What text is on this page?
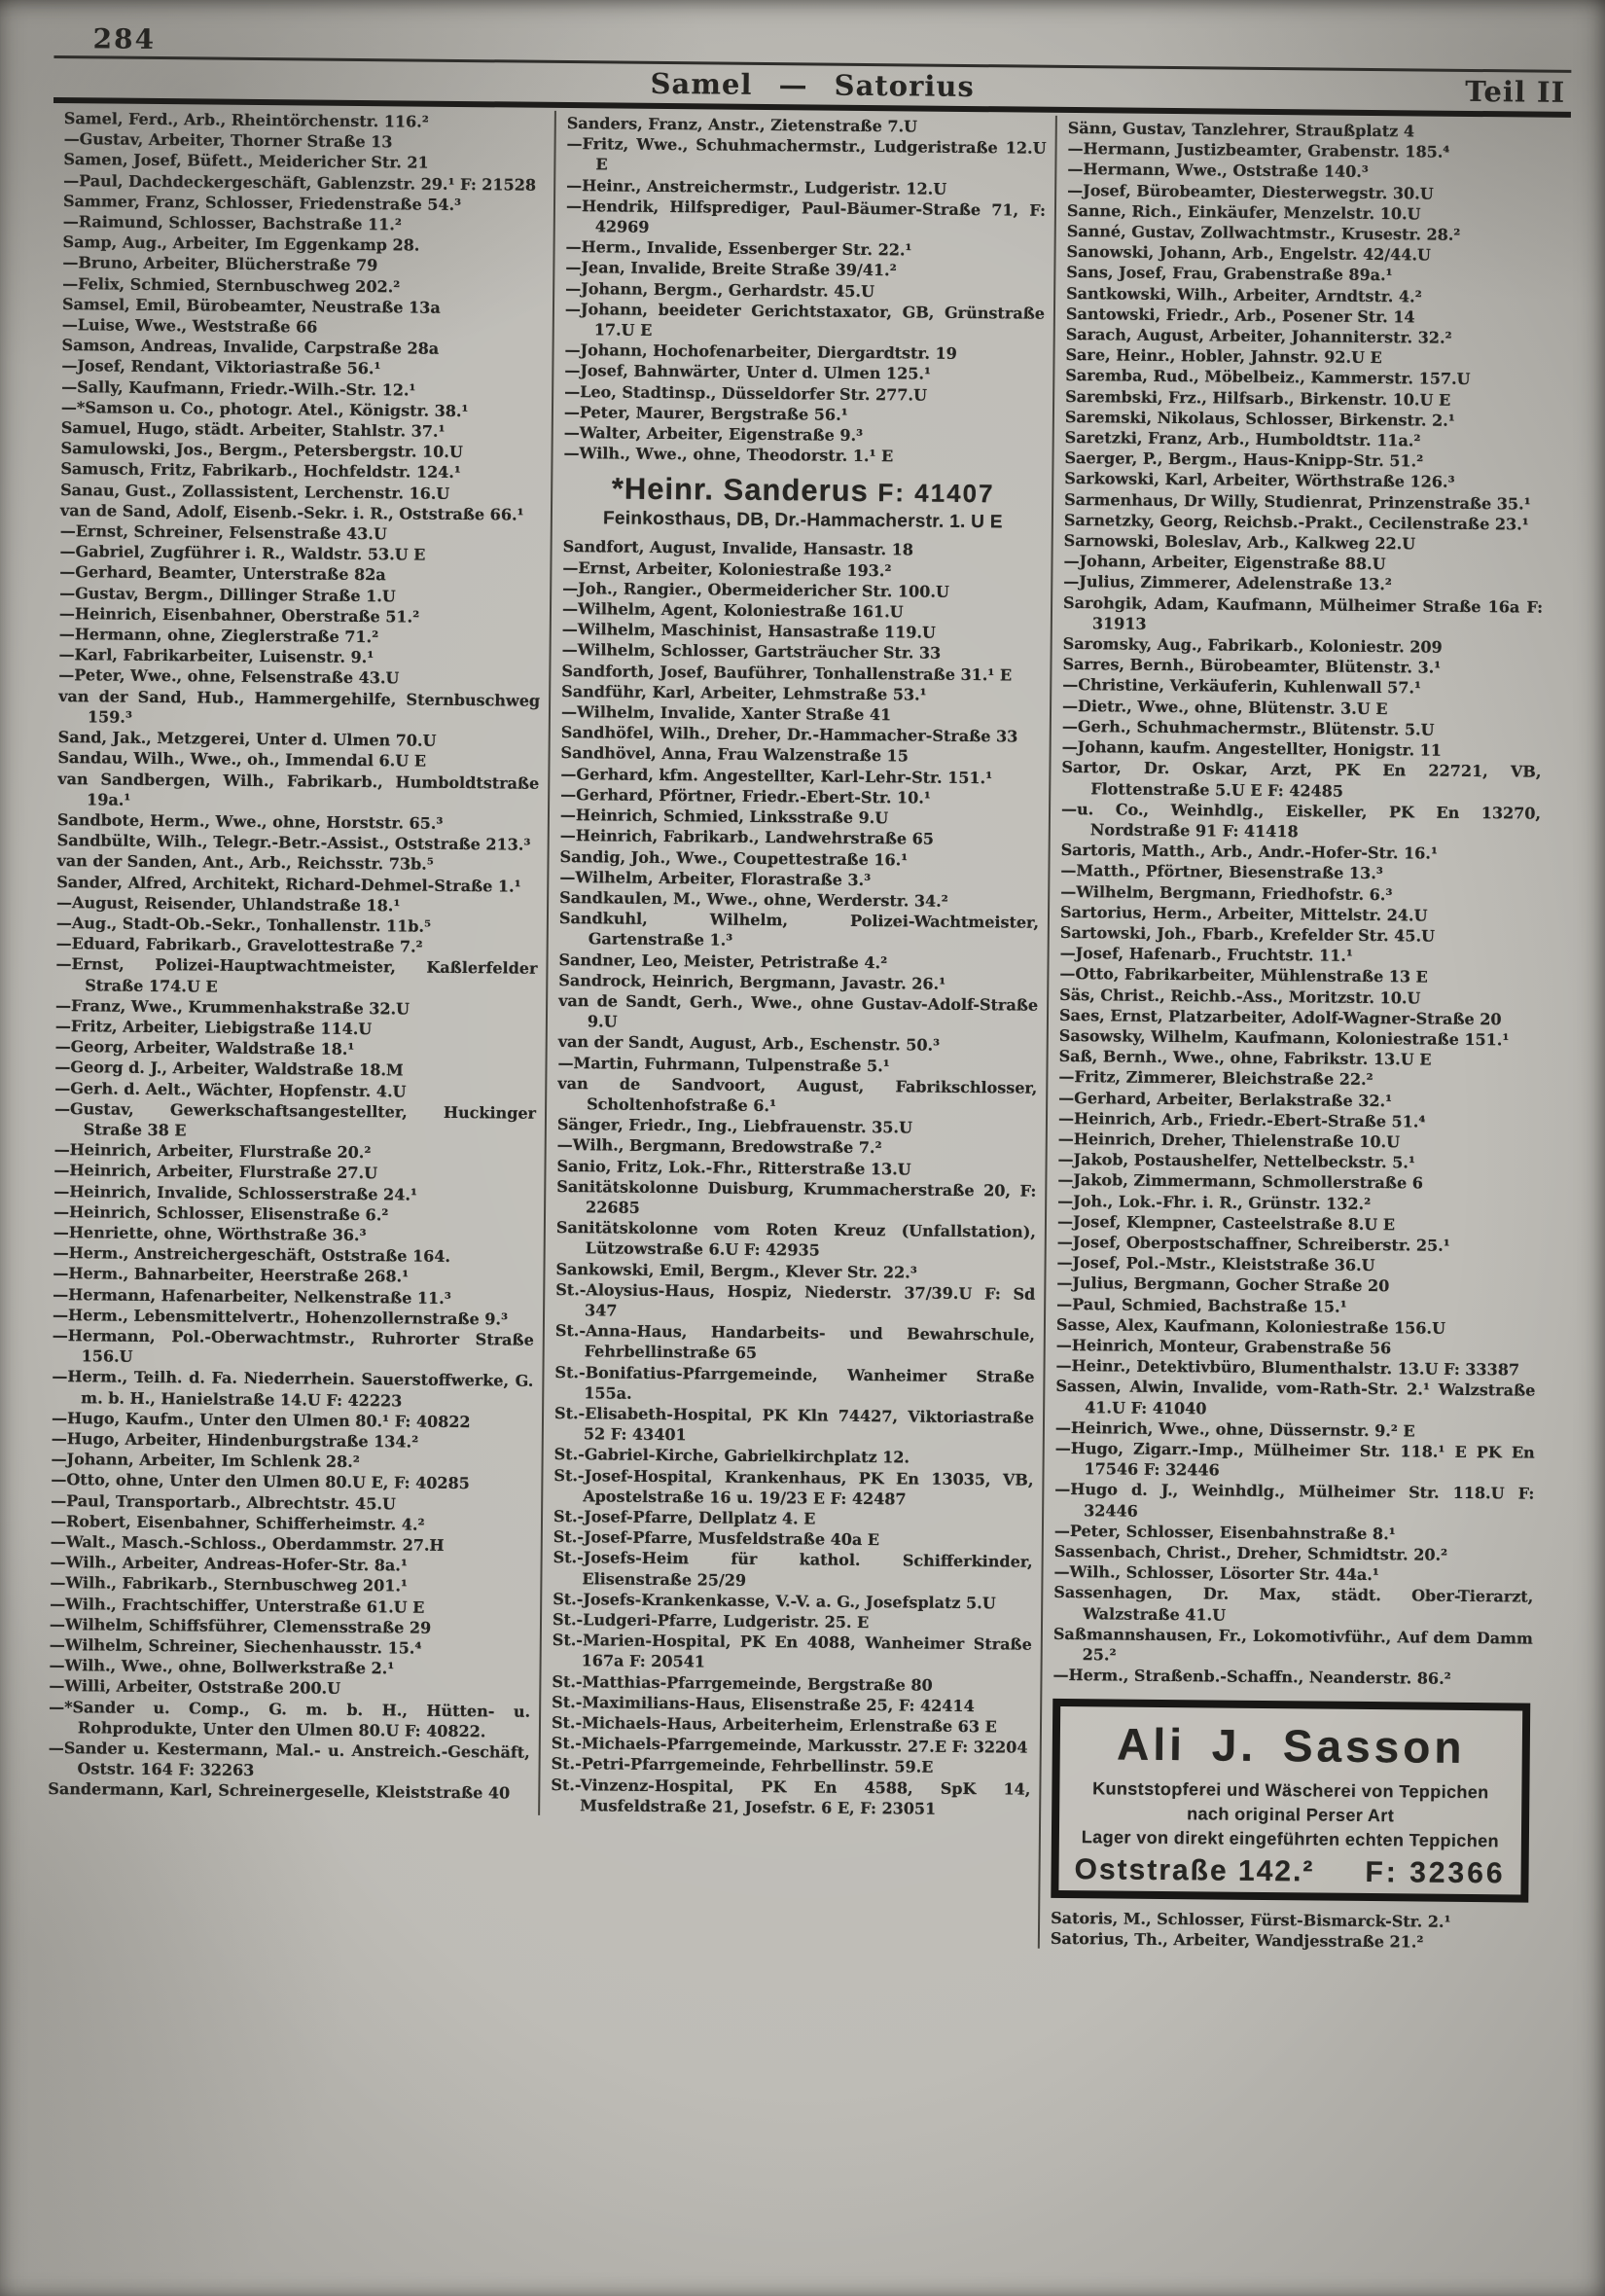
284
Samel — Satorius	Teil II
Samel, Ferd., Arb., Rheintörchenstr. 116.²
—Gustav, Arbeiter, Thorner Straße 13
Samen, Josef, Büfett., Meidericher Str. 21
—Paul, Dachdeckergeschäft, Gablenzstr. 29.¹ F: 21528
Sammer, Franz, Schlosser, Friedenstraße 54.³
—Raimund, Schlosser, Bachstraße 11.²
Samp, Aug., Arbeiter, Im Eggenkamp 28.
—Bruno, Arbeiter, Blücherstraße 79
—Felix, Schmied, Sternbuschweg 202.²
Samsel, Emil, Bürobeamter, Neustraße 13a
—Luise, Wwe., Weststraße 66
Samson, Andreas, Invalide, Carpstraße 28a
—Josef, Rendant, Viktoriastraße 56.¹
—Sally, Kaufmann, Friedr.-Wilh.-Str. 12.¹
—*Samson u. Co., photogr. Atel., Königstr. 38.¹
Samuel, Hugo, städt. Arbeiter, Stahlstr. 37.¹
Samulowski, Jos., Bergm., Petersbergstr. 10.U
Samusch, Fritz, Fabrikarb., Hochfeldstr. 124.¹
Sanau, Gust., Zollassistent, Lerchenstr. 16.U
van de Sand, Adolf, Eisenb.-Sekr. i. R., Oststraße 66.¹
—Ernst, Schreiner, Felsenstraße 43.U
—Gabriel, Zugführer i. R., Waldstr. 53.U E
—Gerhard, Beamter, Unterstraße 82a
—Gustav, Bergm., Dillinger Straße 1.U
—Heinrich, Eisenbahner, Oberstraße 51.²
—Hermann, ohne, Zieglerstraße 71.²
—Karl, Fabrikarbeiter, Luisenstr. 9.¹
—Peter, Wwe., ohne, Felsenstraße 43.U
van der Sand, Hub., Hammergehilfe, Sternbuschweg 159.³
Sand, Jak., Metzgerei, Unter d. Ulmen 70.U
Sandau, Wilh., Wwe., oh., Immendal 6.U E
van Sandbergen, Wilh., Fabrikarb., Humboldtstraße 19a.¹
Sandbote, Herm., Wwe., ohne, Horststr. 65.³
Sandbülte, Wilh., Telegr.-Betr.-Assist., Oststraße 213.³
van der Sanden, Ant., Arb., Reichsstr. 73b.⁵
Sander, Alfred, Architekt, Richard-Dehmel-Straße 1.¹
—August, Reisender, Uhlandstraße 18.¹
—Aug., Stadt-Ob.-Sekr., Tonhallenstr. 11b.⁵
—Eduard, Fabrikarb., Gravelottestraße 7.²
—Ernst, Polizei-Hauptwachtmeister, Kaßlerfelder Straße 174.U E
—Franz, Wwe., Krummenhakstraße 32.U
—Fritz, Arbeiter, Liebigstraße 114.U
—Georg, Arbeiter, Waldstraße 18.¹
—Georg d. J., Arbeiter, Waldstraße 18.M
—Gerh. d. Aelt., Wächter, Hopfenstr. 4.U
—Gustav, Gewerkschaftsangestellter, Huckinger Straße 38 E
—Heinrich, Arbeiter, Flurstraße 20.²
—Heinrich, Arbeiter, Flurstraße 27.U
—Heinrich, Invalide, Schlosserstraße 24.¹
—Heinrich, Schlosser, Elisenstraße 6.²
—Henriette, ohne, Wörthstraße 36.³
—Herm., Anstreichergeschäft, Oststraße 164.
—Herm., Bahnarbeiter, Heerstraße 268.¹
—Hermann, Hafenarbeiter, Nelkenstraße 11.³
—Herm., Lebensmittelvertr., Hohenzollernstraße 9.³
—Hermann, Pol.-Oberwachtmstr., Ruhrorter Straße 156.U
—Herm., Teilh. d. Fa. Niederrhein. Sauerstoffwerke, G. m. b. H., Hanielstraße 14.U F: 42223
—Hugo, Kaufm., Unter den Ulmen 80.¹ F: 40822
—Hugo, Arbeiter, Hindenburgstraße 134.²
—Johann, Arbeiter, Im Schlenk 28.²
—Otto, ohne, Unter den Ulmen 80.U E, F: 40285
—Paul, Transportarb., Albrechtstr. 45.U
—Robert, Eisenbahner, Schifferheimstr. 4.²
—Walt., Masch.-Schloss., Oberdammstr. 27.H
—Wilh., Arbeiter, Andreas-Hofer-Str. 8a.¹
—Wilh., Fabrikarb., Sternbuschweg 201.¹
—Wilh., Frachtschiffer, Unterstraße 61.U E
—Wilhelm, Schiffsführer, Clemensstraße 29
—Wilhelm, Schreiner, Siechenhausstr. 15.⁴
—Wilh., Wwe., ohne, Bollwerkstraße 2.¹
—Willi, Arbeiter, Oststraße 200.U
—*Sander u. Comp., G. m. b. H., Hütten- u. Rohprodukte, Unter den Ulmen 80.U F: 40822.
—Sander u. Kestermann, Mal.- u. Anstreich.-Geschäft, Oststr. 164 F: 32263
Sandermann, Karl, Schreinergeselle, Kleiststraße 40
Sanders, Franz, Anstr., Zietenstraße 7.U
—Fritz, Wwe., Schuhmachermstr., Ludgeristraße 12.U E
—Heinr., Anstreichermstr., Ludgeristr. 12.U
—Hendrik, Hilfsprediger, Paul-Bäumer-Straße 71, F: 42969
—Herm., Invalide, Essenberger Str. 22.¹
—Jean, Invalide, Breite Straße 39/41.²
—Johann, Bergm., Gerhardstr. 45.U
—Johann, beeideter Gerichtstaxator, GB, Grünstraße 17.U E
—Johann, Hochofenarbeiter, Diergardtstr. 19
—Josef, Bahnwärter, Unter d. Ulmen 125.¹
—Leo, Stadtinsp., Düsseldorfer Str. 277.U
—Peter, Maurer, Bergstraße 56.¹
—Walter, Arbeiter, Eigenstraße 9.³
—Wilh., Wwe., ohne, Theodorstr. 1.¹ E
*Heinr. Sanderus F: 41407
Feinkosthaus, DB, Dr.-Hammacherstr. 1. U E
Sandfort, August, Invalide, Hansastr. 18
—Ernst, Arbeiter, Koloniestraße 193.²
—Joh., Rangier., Obermeidericher Str. 100.U
—Wilhelm, Agent, Koloniestraße 161.U
—Wilhelm, Maschinist, Hansastraße 119.U
—Wilhelm, Schlosser, Gartsträucher Str. 33
Sandforth, Josef, Bauführer, Tonhallenstraße 31.¹ E
Sandführ, Karl, Arbeiter, Lehmstraße 53.¹
—Wilhelm, Invalide, Xanter Straße 41
Sandhöfel, Wilh., Dreher, Dr.-Hammacher-Straße 33
Sandhövel, Anna, Frau Walzenstraße 15
—Gerhard, kfm. Angestellter, Karl-Lehr-Str. 151.¹
—Gerhard, Pförtner, Friedr.-Ebert-Str. 10.¹
—Heinrich, Schmied, Linksstraße 9.U
—Heinrich, Fabrikarb., Landwehrstraße 65
Sandig, Joh., Wwe., Coupettestraße 16.¹
—Wilhelm, Arbeiter, Florastraße 3.³
Sandkaulen, M., Wwe., ohne, Werderstr. 34.²
Sandkuhl, Wilhelm, Polizei-Wachtmeister, Gartenstraße 1.³
Sandner, Leo, Meister, Petristraße 4.²
Sandrock, Heinrich, Bergmann, Javastr. 26.¹
van de Sandt, Gerh., Wwe., ohne Gustav-Adolf-Straße 9.U
van der Sandt, August, Arb., Eschenstr. 50.³
—Martin, Fuhrmann, Tulpenstraße 5.¹
van de Sandvoort, August, Fabrikschlosser, Scholtenhofstraße 6.¹
Sänger, Friedr., Ing., Liebfrauenstr. 35.U
—Wilh., Bergmann, Bredowstraße 7.²
Sanio, Fritz, Lok.-Fhr., Ritterstraße 13.U
Sanitätskolonne Duisburg, Krummacherstraße 20, F: 22685
Sanitätskolonne vom Roten Kreuz (Unfallstation), Lützowstraße 6.U F: 42935
Sankowski, Emil, Bergm., Klever Str. 22.³
St.-Aloysius-Haus, Hospiz, Niederstr. 37/39.U F: Sd 347
St.-Anna-Haus, Handarbeits- und Bewahrschule, Fehrbellinstraße 65
St.-Bonifatius-Pfarrgemeinde, Wanheimer Straße 155a.
St.-Elisabeth-Hospital, PK Kln 74427, Viktoriastraße 52 F: 43401
St.-Gabriel-Kirche, Gabrielkirchplatz 12.
St.-Josef-Hospital, Krankenhaus, PK En 13035, VB, Apostelstraße 16 u. 19/23 E F: 42487
St.-Josef-Pfarre, Dellplatz 4. E
St.-Josef-Pfarre, Musfeldstraße 40a E
St.-Josefs-Heim für kathol. Schifferkinder, Elisenstraße 25/29
St.-Josefs-Krankenkasse, V.-V. a. G., Josefsplatz 5.U
St.-Ludgeri-Pfarre, Ludgeristr. 25. E
St.-Marien-Hospital, PK En 4088, Wanheimer Straße 167a F: 20541
St.-Matthias-Pfarrgemeinde, Bergstraße 80
St.-Maximilians-Haus, Elisenstraße 25, F: 42414
St.-Michaels-Haus, Arbeiterheim, Erlenstraße 63 E
St.-Michaels-Pfarrgemeinde, Markusstr. 27.E F: 32204
St.-Petri-Pfarrgemeinde, Fehrbellinstr. 59.E
St.-Vinzenz-Hospital, PK En 4588, SpK 14, Musfeldstraße 21, Josefstr. 6 E, F: 23051
Sänn, Gustav, Tanzlehrer, Straußplatz 4
—Hermann, Justizbeamter, Grabenstr. 185.⁴
—Hermann, Wwe., Oststraße 140.³
—Josef, Bürobeamter, Diesterwegstr. 30.U
Sanne, Rich., Einkäufer, Menzelstr. 10.U
Sanné, Gustav, Zollwachtmstr., Krusestr. 28.²
Sanowski, Johann, Arb., Engelstr. 42/44.U
Sans, Josef, Frau, Grabenstraße 89a.¹
Santkowski, Wilh., Arbeiter, Arndtstr. 4.²
Santowski, Friedr., Arb., Posener Str. 14
Sarach, August, Arbeiter, Johanniterstr. 32.²
Sare, Heinr., Hobler, Jahnstr. 92.U E
Saremba, Rud., Möbelbeiz., Kammerstr. 157.U
Sarembski, Frz., Hilfsarb., Birkenstr. 10.U E
Saremski, Nikolaus, Schlosser, Birkenstr. 2.¹
Saretzki, Franz, Arb., Humboldtstr. 11a.²
Saerger, P., Bergm., Haus-Knipp-Str. 51.²
Sarkowski, Karl, Arbeiter, Wörthstraße 126.³
Sarmenhaus, Dr Willy, Studienrat, Prinzenstraße 35.¹
Sarnetzky, Georg, Reichsb.-Prakt., Cecilenstraße 23.¹
Sarnowski, Boleslav, Arb., Kalkweg 22.U
—Johann, Arbeiter, Eigenstraße 88.U
—Julius, Zimmerer, Adelenstraße 13.²
Sarohgik, Adam, Kaufmann, Mülheimer Straße 16a F: 31913
Saromsky, Aug., Fabrikarb., Koloniestr. 209
Sarres, Bernh., Bürobeamter, Blütenstr. 3.¹
—Christine, Verkäuferin, Kuhlenwall 57.¹
—Dietr., Wwe., ohne, Blütenstr. 3.U E
—Gerh., Schuhmachermstr., Blütenstr. 5.U
—Johann, kaufm. Angestellter, Honigstr. 11
Sartor, Dr. Oskar, Arzt, PK En 22721, VB, Flottenstraße 5.U E F: 42485
—u. Co., Weinhdlg., Eiskeller, PK En 13270, Nordstraße 91 F: 41418
Sartoris, Matth., Arb., Andr.-Hofer-Str. 16.¹
—Matth., Pförtner, Biesenstraße 13.³
—Wilhelm, Bergmann, Friedhofstr. 6.³
Sartorius, Herm., Arbeiter, Mittelstr. 24.U
Sartowski, Joh., Fbarb., Krefelder Str. 45.U
—Josef, Hafenarb., Fruchtstr. 11.¹
—Otto, Fabrikarbeiter, Mühlenstraße 13 E
Säs, Christ., Reichb.-Ass., Moritzstr. 10.U
Saes, Ernst, Platzarbeiter, Adolf-Wagner-Straße 20
Sasowsky, Wilhelm, Kaufmann, Koloniestraße 151.¹
Saß, Bernh., Wwe., ohne, Fabrikstr. 13.U E
—Fritz, Zimmerer, Bleichstraße 22.²
—Gerhard, Arbeiter, Berlakstraße 32.¹
—Heinrich, Arb., Friedr.-Ebert-Straße 51.⁴
—Heinrich, Dreher, Thielenstraße 10.U
—Jakob, Postaushelfer, Nettelbeckstr. 5.¹
—Jakob, Zimmermann, Schmollerstraße 6
—Joh., Lok.-Fhr. i. R., Grünstr. 132.²
—Josef, Klempner, Casteelstraße 8.U E
—Josef, Oberpostschaffner, Schreiberstr. 25.¹
—Josef, Pol.-Mstr., Kleiststraße 36.U
—Julius, Bergmann, Gocher Straße 20
—Paul, Schmied, Bachstraße 15.¹
Sasse, Alex, Kaufmann, Koloniestraße 156.U
—Heinrich, Monteur, Grabenstraße 56
—Heinr., Detektivbüro, Blumenthalstr. 13.U F: 33387
Sassen, Alwin, Invalide, vom-Rath-Str. 2.¹ Walzstraße 41.U F: 41040
—Heinrich, Wwe., ohne, Düssernstr. 9.² E
—Hugo, Zigarr.-Imp., Mülheimer Str. 118.¹ E PK En 17546 F: 32446
—Hugo d. J., Weinhdlg., Mülheimer Str. 118.U F: 32446
—Peter, Schlosser, Eisenbahnstraße 8.¹
Sassenbach, Christ., Dreher, Schmidtstr. 20.²
—Wilh., Schlosser, Lösorter Str. 44a.¹
Sassenhagen, Dr. Max, städt. Ober-Tierarzt, Walzstraße 41.U
Saßmannshausen, Fr., Lokomotivführ., Auf dem Damm 25.²
—Herm., Straßenb.-Schaffn., Neanderstr. 86.²
Ali J. Sasson
Kunststopferei und Wäscherei von Teppichen
nach original Perser Art
Lager von direkt eingeführten echten Teppichen
Oststraße 142.² F: 32366
Satoris, M., Schlosser, Fürst-Bismarck-Str. 2.¹
Satorius, Th., Arbeiter, Wandjesstraße 21.²
